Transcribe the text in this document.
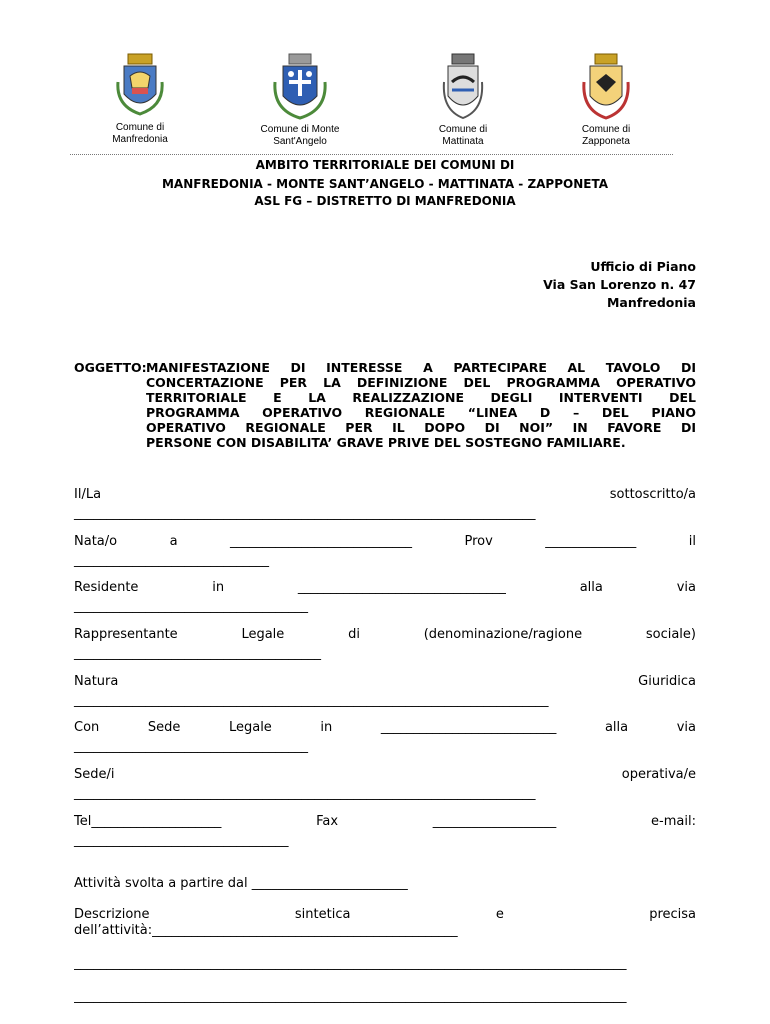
Comune di
Manfredonia
Comune di Monte
Sant'Angelo
Comune di
Mattinata
Comune di
Zapponeta
AMBITO TERRITORIALE DEI COMUNI DI
MANFREDONIA - MONTE SANT’ANGELO - MATTINATA - ZAPPONETA
ASL FG – DISTRETTO DI MANFREDONIA
Ufficio di Piano
Via San Lorenzo n. 47
Manfredonia
OGGETTO: MANIFESTAZIONE DI INTERESSE A PARTECIPARE AL TAVOLO DI
CONCERTAZIONE PER LA DEFINIZIONE DEL PROGRAMMA OPERATIVO
TERRITORIALE E LA REALIZZAZIONE DEGLI INTERVENTI DEL
PROGRAMMA OPERATIVO REGIONALE “LINEA D – DEL PIANO
OPERATIVO REGIONALE PER IL DOPO DI NOI” IN FAVORE DI
PERSONE CON DISABILITA’ GRAVE PRIVE DEL SOSTEGNO FAMILIARE.
Il/La	sottoscritto/a
_______________________________________________________________________
Nata/o	a	____________________________	Prov	______________	il
______________________________
Residente	in	________________________________	alla	via
____________________________________
Rappresentante	Legale	di	(denominazione/ragione	sociale)
______________________________________
Natura	Giuridica
_________________________________________________________________________
Con	Sede	Legale	in	___________________________	alla	via
____________________________________
Sede/i	operativa/e
_______________________________________________________________________
Tel____________________	Fax	___________________	e-mail:
_________________________________
Attività svolta a partire dal ________________________
Descrizione	sintetica	e	precisa
dell’attività:_______________________________________________
_____________________________________________________________________________________
_____________________________________________________________________________________
